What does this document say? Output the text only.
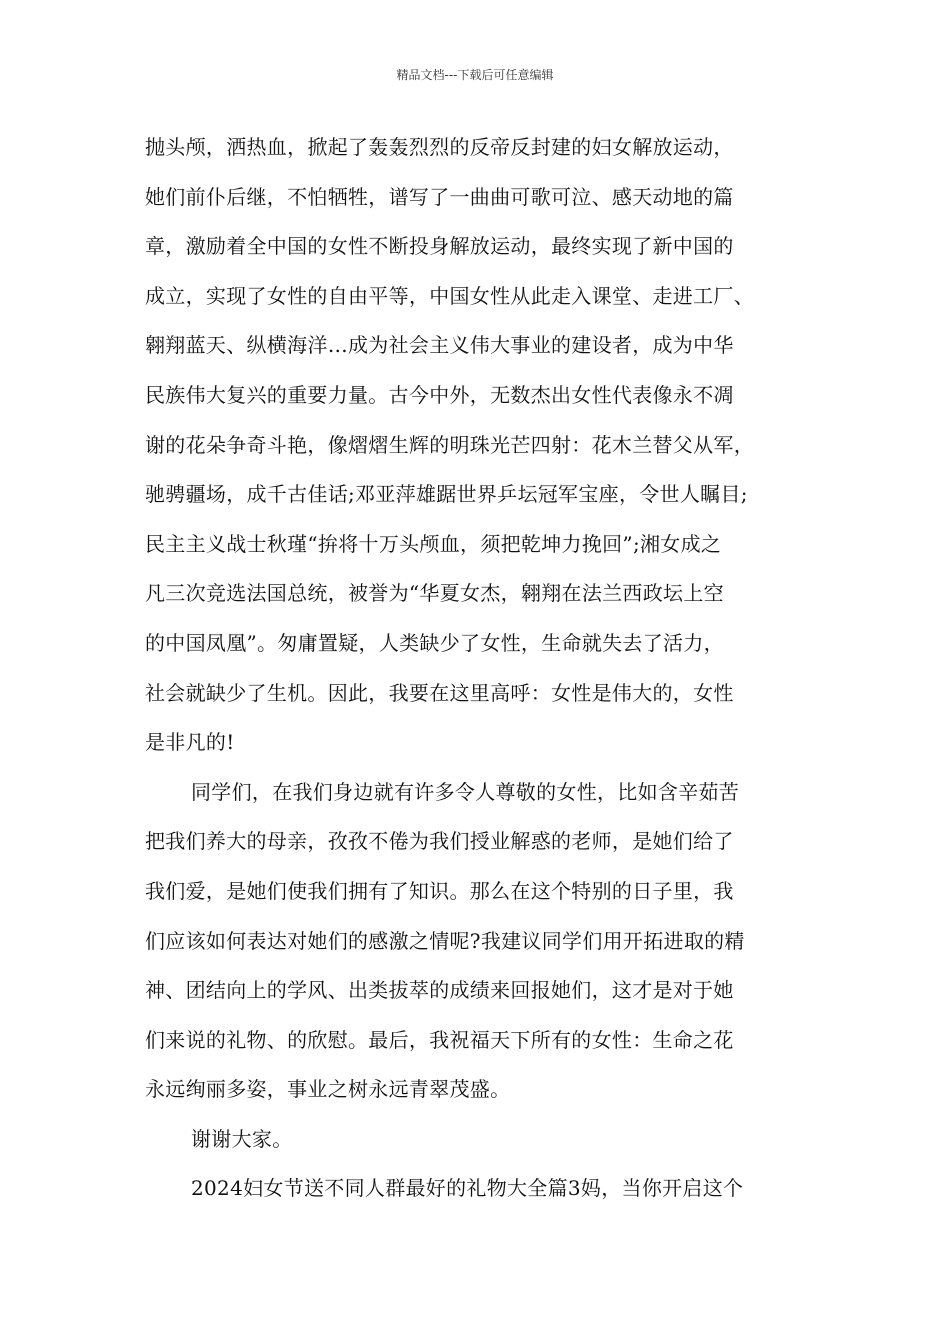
精品文档---下载后可任意编辑
抛头颅，洒热血，掀起了轰轰烈烈的反帝反封建的妇女解放运动，
她们前仆后继，不怕牺牲，谱写了一曲曲可歌可泣、感天动地的篇
章，激励着全中国的女性不断投身解放运动，最终实现了新中国的
成立，实现了女性的自由平等，中国女性从此走入课堂、走进工厂、
翱翔蓝天、纵横海洋…成为社会主义伟大事业的建设者，成为中华
民族伟大复兴的重要力量。古今中外，无数杰出女性代表像永不凋
谢的花朵争奇斗艳，像熠熠生辉的明珠光芒四射：花木兰替父从军，
驰骋疆场，成千古佳话;邓亚萍雄踞世界乒坛冠军宝座，令世人瞩目;
民主主义战士秋瑾“拚将十万头颅血，须把乾坤力挽回”;湘女成之
凡三次竞选法国总统，被誉为“华夏女杰，翱翔在法兰西政坛上空
的中国凤凰”。匆庸置疑，人类缺少了女性，生命就失去了活力，
社会就缺少了生机。因此，我要在这里高呼：女性是伟大的，女性
是非凡的!
同学们，在我们身边就有许多令人尊敬的女性，比如含辛茹苦
把我们养大的母亲，孜孜不倦为我们授业解惑的老师，是她们给了
我们爱，是她们使我们拥有了知识。那么在这个特别的日子里，我
们应该如何表达对她们的感激之情呢?我建议同学们用开拓进取的精
神、团结向上的学风、出类拔萃的成绩来回报她们，这才是对于她
们来说的礼物、的欣慰。最后，我祝福天下所有的女性：生命之花
永远绚丽多姿，事业之树永远青翠茂盛。
谢谢大家。
2024妇女节送不同人群最好的礼物大全篇3妈，当你开启这个
